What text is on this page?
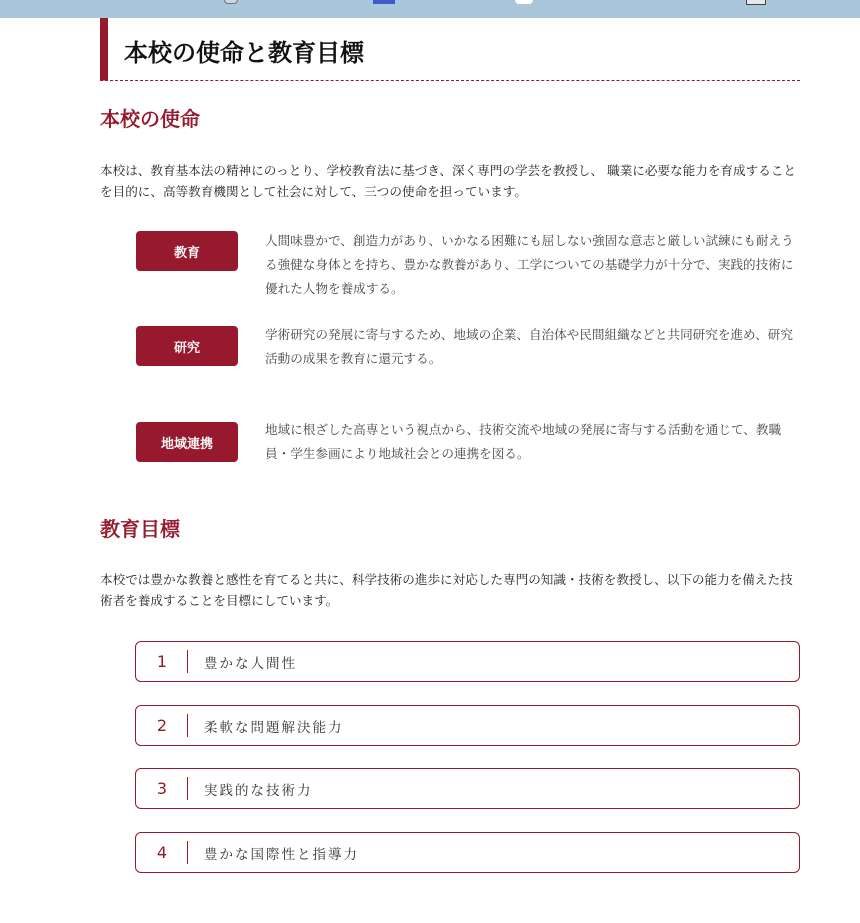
本校の使命と教育目標
本校の使命

本校は、教育基本法の精神にのっとり、学校教育法に基づき、深く専門の学芸を教授し、 職業に必要な能力を育成することを目的に、高等教育機関として社会に対して、三つの使命を担っています。

教育

人間味豊かで、創造力があり、いかなる困難にも屈しない強固な意志と厳しい試練にも耐えうる強健な身体とを持ち、豊かな教養があり、工学についての基礎学力が十分で、実践的技術に優れた人物を養成する。

研究

学術研究の発展に寄与するため、地域の企業、自治体や民間組織などと共同研究を進め、研究活動の成果を教育に還元する。

地域連携

地域に根ざした高専という視点から、技術交流や地域の発展に寄与する活動を通じて、教職員・学生参画により地域社会との連携を図る。

教育目標

本校では豊かな教養と感性を育てると共に、科学技術の進歩に対応した専門の知識・技術を教授し、以下の能力を備えた技術者を養成することを目標にしています。

1	豊かな人間性
2	柔軟な問題解決能力
3	実践的な技術力
4	豊かな国際性と指導力
